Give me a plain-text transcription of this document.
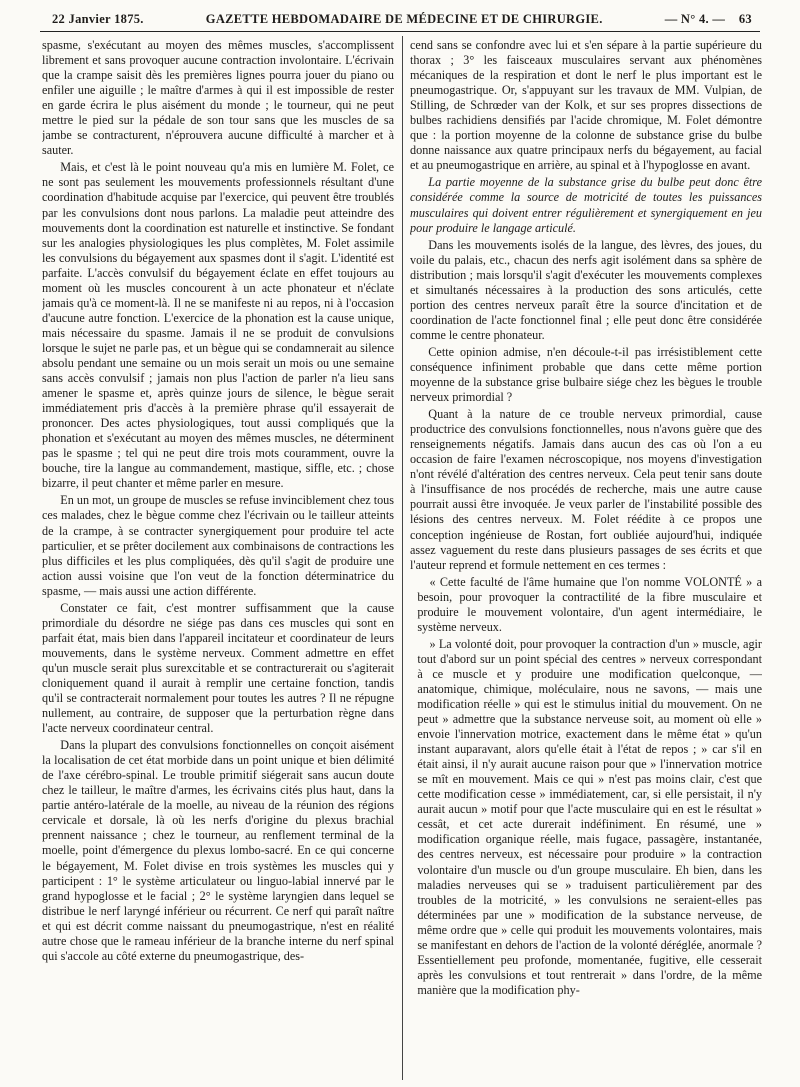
22 Janvier 1875.	GAZETTE HEBDOMADAIRE DE MÉDECINE ET DE CHIRURGIE.	— N° 4. — 63

spasme, s'exécutant au moyen des mêmes muscles, s'accomplissent librement et sans provoquer aucune contraction involontaire. L'écrivain que la crampe saisit dès les premières lignes pourra jouer du piano ou enfiler une aiguille ; le maître d'armes à qui il est impossible de rester en garde écrira le plus aisément du monde ; le tourneur, qui ne peut mettre le pied sur la pédale de son tour sans que les muscles de sa jambe se contracturent, n'éprouvera aucune difficulté à marcher et à sauter.

Mais, et c'est là le point nouveau qu'a mis en lumière M. Folet, ce ne sont pas seulement les mouvements professionnels résultant d'une coordination d'habitude acquise par l'exercice, qui peuvent être troublés par les convulsions dont nous parlons. La maladie peut atteindre des mouvements dont la coordination est naturelle et instinctive. Se fondant sur les analogies physiologiques les plus complètes, M. Folet assimile les convulsions du bégayement aux spasmes dont il s'agit. L'identité est parfaite. L'accès convulsif du bégayement éclate en effet toujours au moment où les muscles concourent à un acte phonateur et n'éclate jamais qu'à ce moment-là. Il ne se manifeste ni au repos, ni à l'occasion d'aucune autre fonction. L'exercice de la phonation est la cause unique, mais nécessaire du spasme. Jamais il ne se produit de convulsions lorsque le sujet ne parle pas, et un bègue qui se condamnerait au silence absolu pendant une semaine ou un mois serait un mois ou une semaine sans accès convulsif ; jamais non plus l'action de parler n'a lieu sans amener le spasme et, après quinze jours de silence, le bègue serait immédiatement pris d'accès à la première phrase qu'il essayerait de prononcer. Des actes physiologiques, tout aussi compliqués que la phonation et s'exécutant au moyen des mêmes muscles, ne déterminent pas le spasme ; tel qui ne peut dire trois mots couramment, ouvre la bouche, tire la langue au commandement, mastique, siffle, etc. ; chose bizarre, il peut chanter et même parler en mesure.

En un mot, un groupe de muscles se refuse invinciblement chez tous ces malades, chez le bègue comme chez l'écrivain ou le tailleur atteints de la crampe, à se contracter synergiquement pour produire tel acte particulier, et se prêter docilement aux combinaisons de contractions les plus difficiles et les plus compliquées, dès qu'il s'agit de produire une action aussi voisine que l'on veut de la fonction déterminatrice du spasme, — mais aussi une action différente.

Constater ce fait, c'est montrer suffisamment que la cause primordiale du désordre ne siége pas dans ces muscles qui sont en parfait état, mais bien dans l'appareil incitateur et coordinateur de leurs mouvements, dans le système nerveux. Comment admettre en effet qu'un muscle serait plus surexcitable et se contracturerait ou s'agiterait cloniquement quand il aurait à remplir une certaine fonction, tandis qu'il se contracterait normalement pour toutes les autres ? Il ne répugne nullement, au contraire, de supposer que la perturbation règne dans l'acte nerveux coordinateur central.

Dans la plupart des convulsions fonctionnelles on conçoit aisément la localisation de cet état morbide dans un point unique et bien délimité de l'axe cérébro-spinal. Le trouble primitif siégerait sans aucun doute chez le tailleur, le maître d'armes, les écrivains cités plus haut, dans la partie antéro-latérale de la moelle, au niveau de la réunion des régions cervicale et dorsale, là où les nerfs d'origine du plexus brachial prennent naissance ; chez le tourneur, au renflement terminal de la moelle, point d'émergence du plexus lombo-sacré. En ce qui concerne le bégayement, M. Folet divise en trois systèmes les muscles qui y participent : 1° le système articulateur ou linguo-labial innervé par le grand hypoglosse et le facial ; 2° le système laryngien dans lequel se distribue le nerf laryngé inférieur ou récurrent. Ce nerf qui paraît naître et qui est décrit comme naissant du pneumogastrique, n'est en réalité autre chose que le rameau inférieur de la branche interne du nerf spinal qui s'accole au côté externe du pneumogastrique, des-

cend sans se confondre avec lui et s'en sépare à la partie supérieure du thorax ; 3° les faisceaux musculaires servant aux phénomènes mécaniques de la respiration et dont le nerf le plus important est le pneumogastrique. Or, s'appuyant sur les travaux de MM. Vulpian, de Stilling, de Schrœder van der Kolk, et sur ses propres dissections de bulbes rachidiens densifiés par l'acide chromique, M. Folet démontre que : la portion moyenne de la colonne de substance grise du bulbe donne naissance aux quatre principaux nerfs du bégayement, au facial et au pneumogastrique en arrière, au spinal et à l'hypoglosse en avant.

La partie moyenne de la substance grise du bulbe peut donc être considérée comme la source de motricité de toutes les puissances musculaires qui doivent entrer régulièrement et synergiquement en jeu pour produire le langage articulé.

Dans les mouvements isolés de la langue, des lèvres, des joues, du voile du palais, etc., chacun des nerfs agit isolément dans sa sphère de distribution ; mais lorsqu'il s'agit d'exécuter les mouvements complexes et simultanés nécessaires à la production des sons articulés, cette portion des centres nerveux paraît être la source d'incitation et de coordination de l'acte fonctionnel final ; elle peut donc être considérée comme le centre phonateur.

Cette opinion admise, n'en découle-t-il pas irrésistiblement cette conséquence infiniment probable que dans cette même portion moyenne de la substance grise bulbaire siége chez les bègues le trouble nerveux primordial ?

Quant à la nature de ce trouble nerveux primordial, cause productrice des convulsions fonctionnelles, nous n'avons guère que des renseignements négatifs. Jamais dans aucun des cas où l'on a eu occasion de faire l'examen nécroscopique, nos moyens d'investigation n'ont révélé d'altération des centres nerveux. Cela peut tenir sans doute à l'insuffisance de nos procédés de recherche, mais une autre cause pourrait aussi être invoquée. Je veux parler de l'instabilité possible des lésions des centres nerveux. M. Folet réédite à ce propos une conception ingénieuse de Rostan, fort oubliée aujourd'hui, indiquée assez vaguement du reste dans plusieurs passages de ses écrits et que l'auteur reprend et formule nettement en ces termes :

« Cette faculté de l'âme humaine que l'on nomme VOLONTÉ » a besoin, pour provoquer la contractilité de la fibre musculaire et produire le mouvement volontaire, d'un agent intermédiaire, le système nerveux.

» La volonté doit, pour provoquer la contraction d'un » muscle, agir tout d'abord sur un point spécial des centres » nerveux correspondant à ce muscle et y produire une modification quelconque, — anatomique, chimique, moléculaire, nous ne savons, — mais une modification réelle » qui est le stimulus initial du mouvement. On ne peut » admettre que la substance nerveuse soit, au moment où elle » envoie l'innervation motrice, exactement dans le même état » qu'un instant auparavant, alors qu'elle était à l'état de repos ; » car s'il en était ainsi, il n'y aurait aucune raison pour que » l'innervation motrice se mît en mouvement. Mais ce qui » n'est pas moins clair, c'est que cette modification cesse » immédiatement, car, si elle persistait, il n'y aurait aucun » motif pour que l'acte musculaire qui en est le résultat » cessât, et cet acte durerait indéfiniment. En résumé, une » modification organique réelle, mais fugace, passagère, instantanée, des centres nerveux, est nécessaire pour produire » la contraction volontaire d'un muscle ou d'un groupe musculaire. Eh bien, dans les maladies nerveuses qui se » traduisent particulièrement par des troubles de la motricité, » les convulsions ne seraient-elles pas déterminées par une » modification de la substance nerveuse, de même ordre que » celle qui produit les mouvements volontaires, mais se manifestant en dehors de l'action de la volonté déréglée, anormale ? Essentiellement peu profonde, momentanée, fugitive, elle cesserait après les convulsions et tout rentrerait » dans l'ordre, de la même manière que la modification phy-
